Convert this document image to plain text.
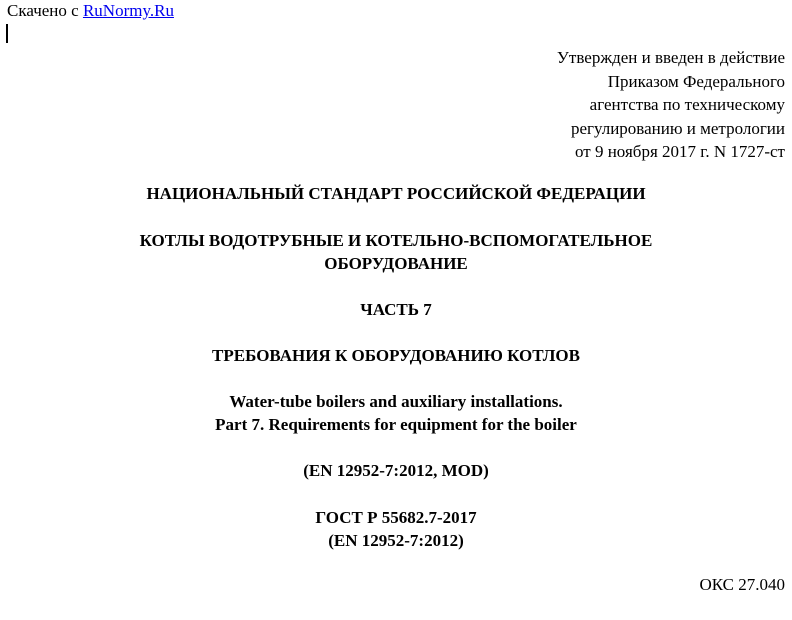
Скачено с RuNormy.Ru
Утвержден и введен в действие
Приказом Федерального
агентства по техническому
регулированию и метрологии
от 9 ноября 2017 г. N 1727-ст
НАЦИОНАЛЬНЫЙ СТАНДАРТ РОССИЙСКОЙ ФЕДЕРАЦИИ
КОТЛЫ ВОДОТРУБНЫЕ И КОТЕЛЬНО-ВСПОМОГАТЕЛЬНОЕ
ОБОРУДОВАНИЕ
ЧАСТЬ 7
ТРЕБОВАНИЯ К ОБОРУДОВАНИЮ КОТЛОВ
Water-tube boilers and auxiliary installations.
Part 7. Requirements for equipment for the boiler
(EN 12952-7:2012, MOD)
ГОСТ Р 55682.7-2017
(EN 12952-7:2012)
ОКС 27.040
